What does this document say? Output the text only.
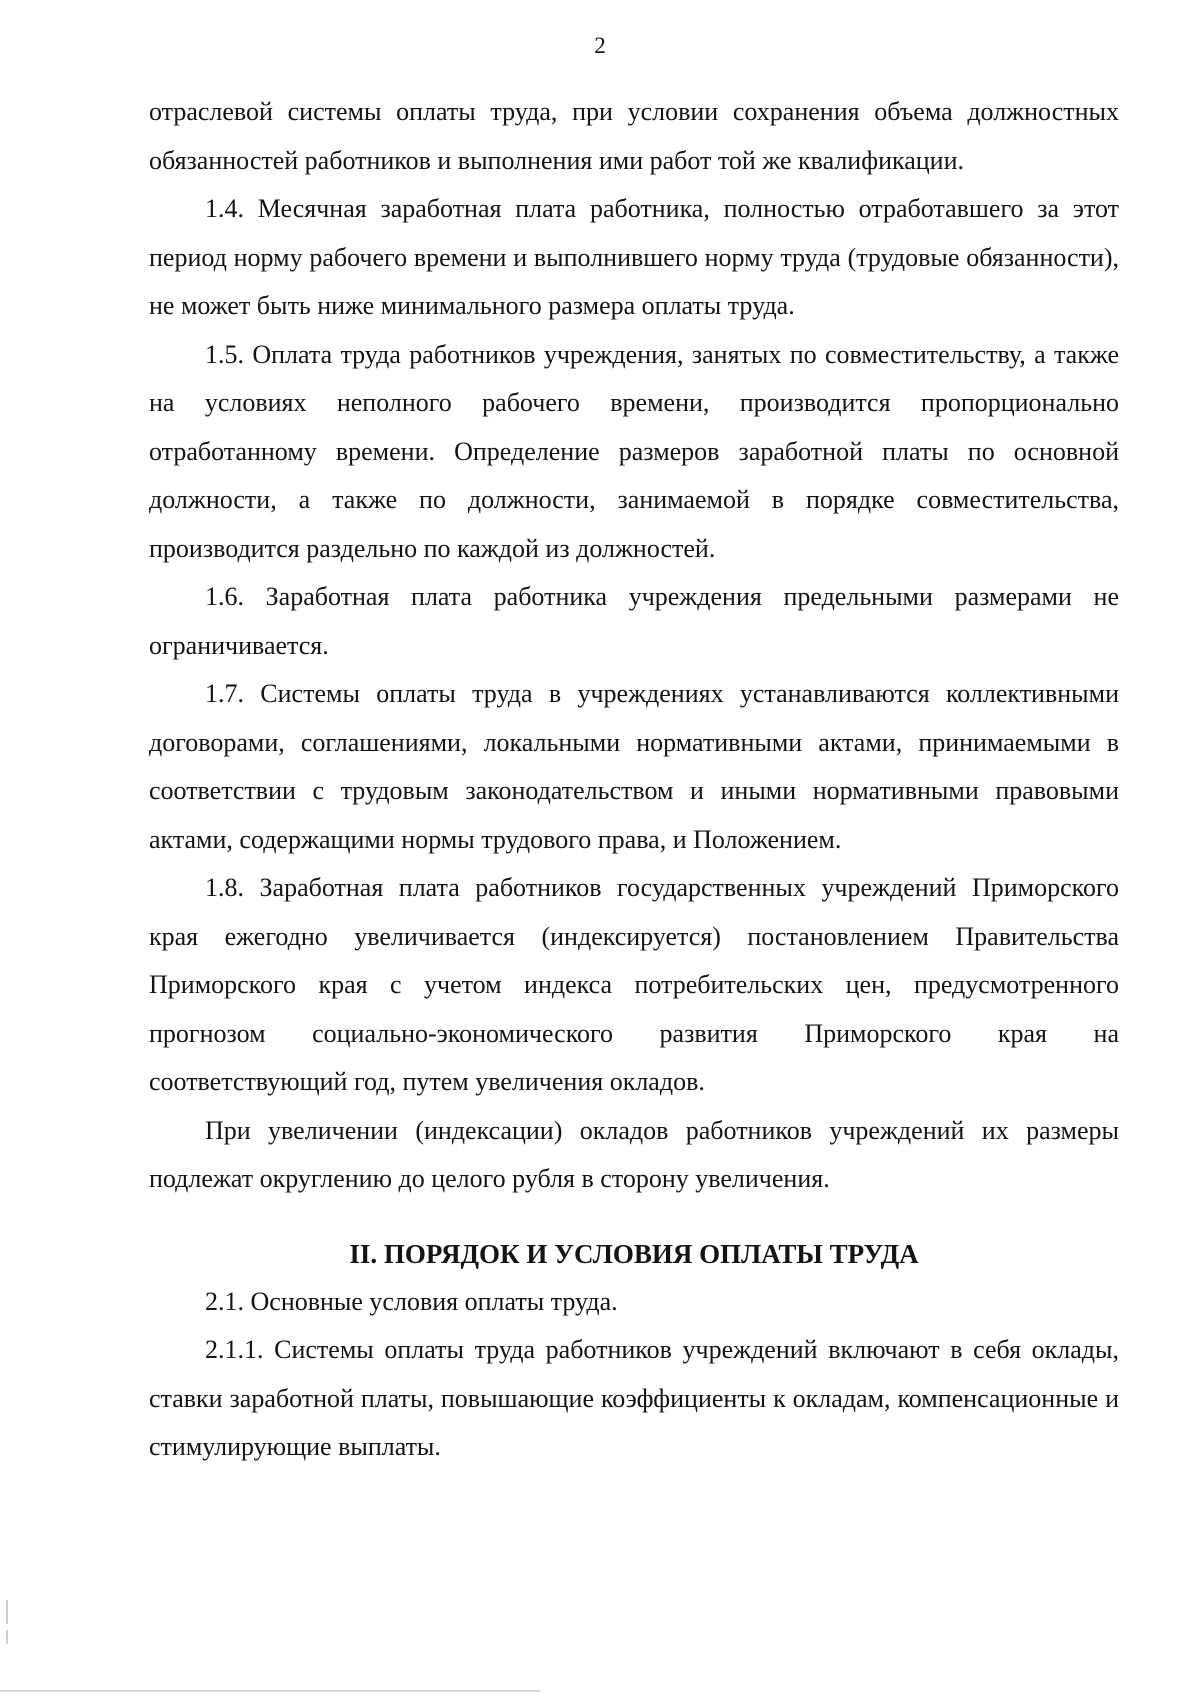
2

отраслевой системы оплаты труда, при условии сохранения объема должностных обязанностей работников и выполнения ими работ той же квалификации.

1.4. Месячная заработная плата работника, полностью отработавшего за этот период норму рабочего времени и выполнившего норму труда (трудовые обязанности), не может быть ниже минимального размера оплаты труда.

1.5. Оплата труда работников учреждения, занятых по совместительству, а также на условиях неполного рабочего времени, производится пропорционально отработанному времени. Определение размеров заработной платы по основной должности, а также по должности, занимаемой в порядке совместительства, производится раздельно по каждой из должностей.

1.6. Заработная плата работника учреждения предельными размерами не ограничивается.

1.7. Системы оплаты труда в учреждениях устанавливаются коллективными договорами, соглашениями, локальными нормативными актами, принимаемыми в соответствии с трудовым законодательством и иными нормативными правовыми актами, содержащими нормы трудового права, и Положением.

1.8. Заработная плата работников государственных учреждений Приморского края ежегодно увеличивается (индексируется) постановлением Правительства Приморского края с учетом индекса потребительских цен, предусмотренного прогнозом социально-экономического развития Приморского края на соответствующий год, путем увеличения окладов.

При увеличении (индексации) окладов работников учреждений их размеры подлежат округлению до целого рубля в сторону увеличения.

II. ПОРЯДОК И УСЛОВИЯ ОПЛАТЫ ТРУДА

2.1. Основные условия оплаты труда.

2.1.1. Системы оплаты труда работников учреждений включают в себя оклады, ставки заработной платы, повышающие коэффициенты к окладам, компенсационные и стимулирующие выплаты.
